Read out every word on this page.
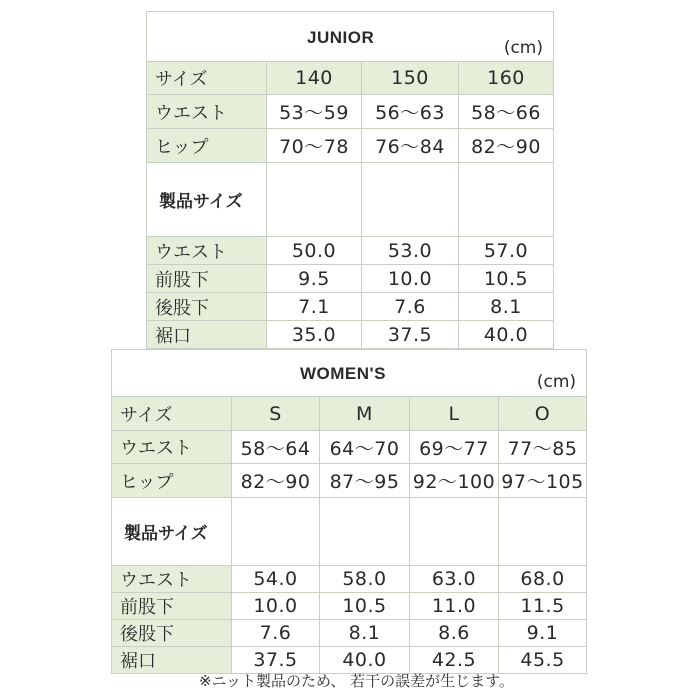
JUNIOR
(cm)			

サイズ	140	150	160
ウエスト	53～59	56～63	58～66
ヒップ	70～78	76～84	82～90
製品サイズ			
ウエスト	50.0	53.0	57.0
前股下	9.5	10.0	10.5
後股下	7.1	7.6	8.1
裾口	35.0	37.5	40.0
WOMEN'S (cm)				

サイズ	S	M	L	O
ウエスト	58～64	64～70	69～77	77～85
ヒップ	82～90	87～95	92～100	97～105
製品サイズ				
ウエスト	54.0	58.0	63.0	68.0
前股下	10.0	10.5	11.0	11.5
後股下	7.6	8.1	8.6	9.1
裾口	37.5	40.0	42.5	45.5
※ニット製品のため、 若干の誤差が生じます。
